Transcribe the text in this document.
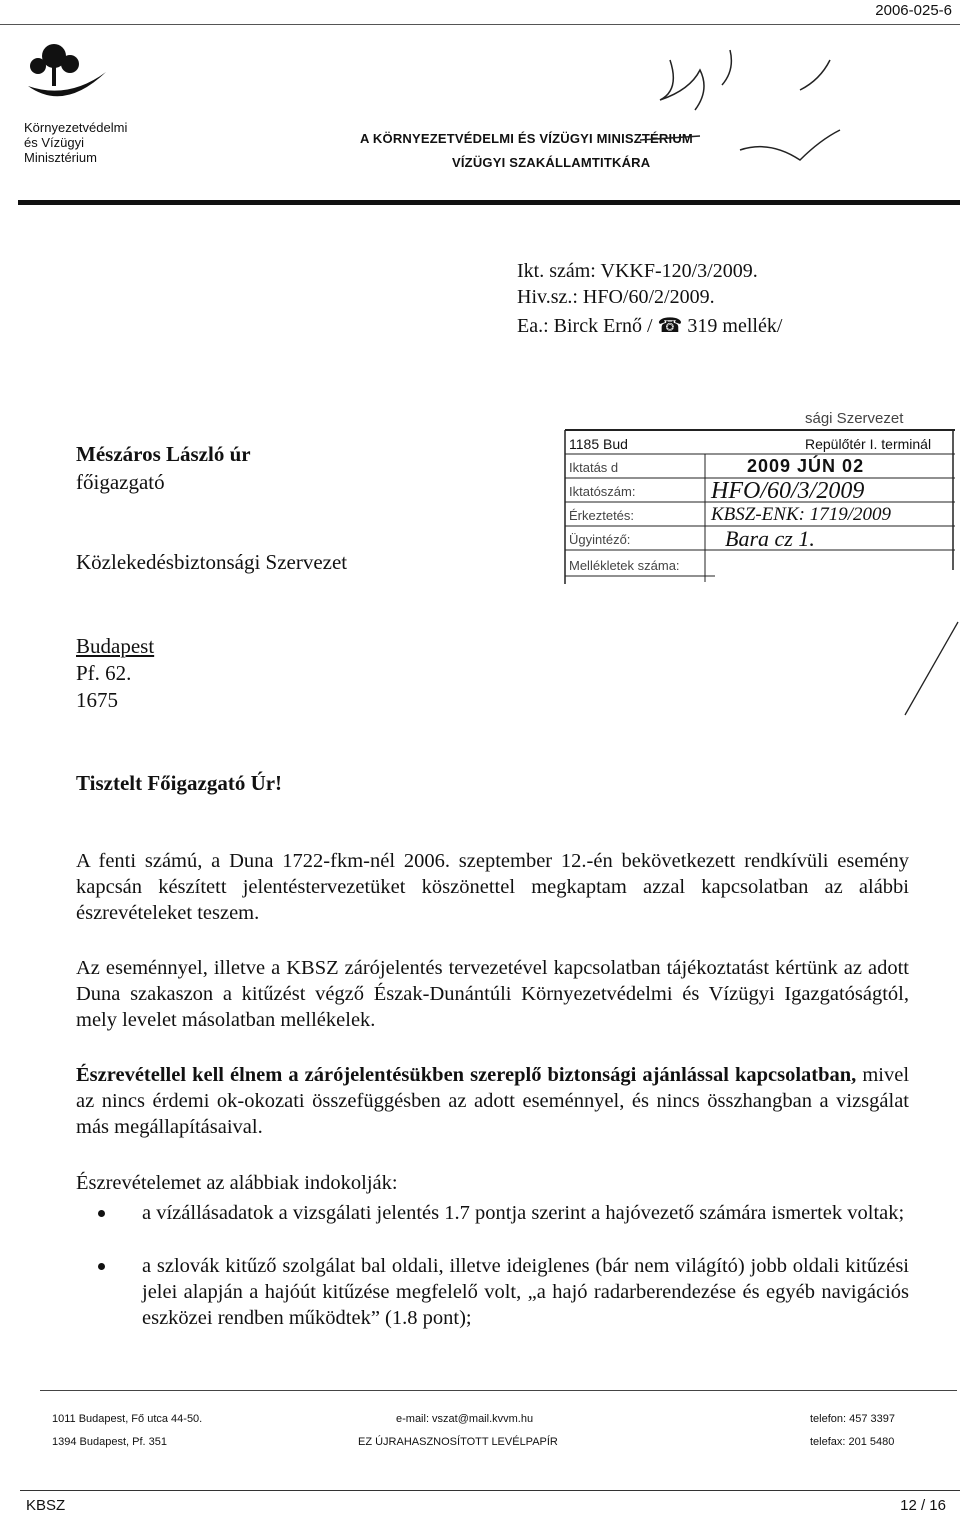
2006-025-6
Környezetvédelmi
és Vízügyi
Minisztérium
A KÖRNYEZETVÉDELMI ÉS VÍZÜGYI MINISZTÉRIUM
VÍZÜGYI SZAKÁLLAMTITKÁRA
Ikt. szám: VKKF-120/3/2009.
Hiv.sz.: HFO/60/2/2009.
Ea.: Birck Ernő / ☎ 319 mellék/
Mészáros László úr
főigazgató
Közlekedésbiztonsági Szervezet
Budapest
Pf. 62.
1675
sági Szervezet
1185 Bud	Repülőtér I. terminál
Iktatás d	2009 JÚN 02
Iktatószám:	HFO/60/3/2009
Érkeztetés:	KBSZ-ENK: 1719/2009
Ügyintéző:	Bara cz 1.
Mellékletek száma:
Tisztelt Főigazgató Úr!
A fenti számú, a Duna 1722-fkm-nél 2006. szeptember 12.-én bekövetkezett rendkívüli esemény kapcsán készített jelentéstervezetüket köszönettel megkaptam azzal kapcsolatban az alábbi észrevételeket teszem.
Az eseménnyel, illetve a KBSZ zárójelentés tervezetével kapcsolatban tájékoztatást kértünk az adott Duna szakaszon a kitűzést végző Észak-Dunántúli Környezetvédelmi és Vízügyi Igazgatóságtól, mely levelet másolatban mellékelek.
Észrevétellel kell élnem a zárójelentésükben szereplő biztonsági ajánlással kapcsolatban, mivel az nincs érdemi ok-okozati összefüggésben az adott eseménnyel, és nincs összhangban a vizsgálat más megállapításaival.
Észrevételemet az alábbiak indokolják:
a vízállásadatok a vizsgálati jelentés 1.7 pontja szerint a hajóvezető számára ismertek voltak;
a szlovák kitűző szolgálat bal oldali, illetve ideiglenes (bár nem világító) jobb oldali kitűzési jelei alapján a hajóút kitűzése megfelelő volt, „a hajó radarberendezése és egyéb navigációs eszközei rendben működtek” (1.8 pont);
1011 Budapest, Fő utca 44-50.
1394 Budapest, Pf. 351
e-mail: vszat@mail.kvvm.hu
EZ ÚJRAHASZNOSÍTOTT LEVÉLPAPÍR
telefon: 457 3397
telefax: 201 5480
KBSZ	12 / 16
